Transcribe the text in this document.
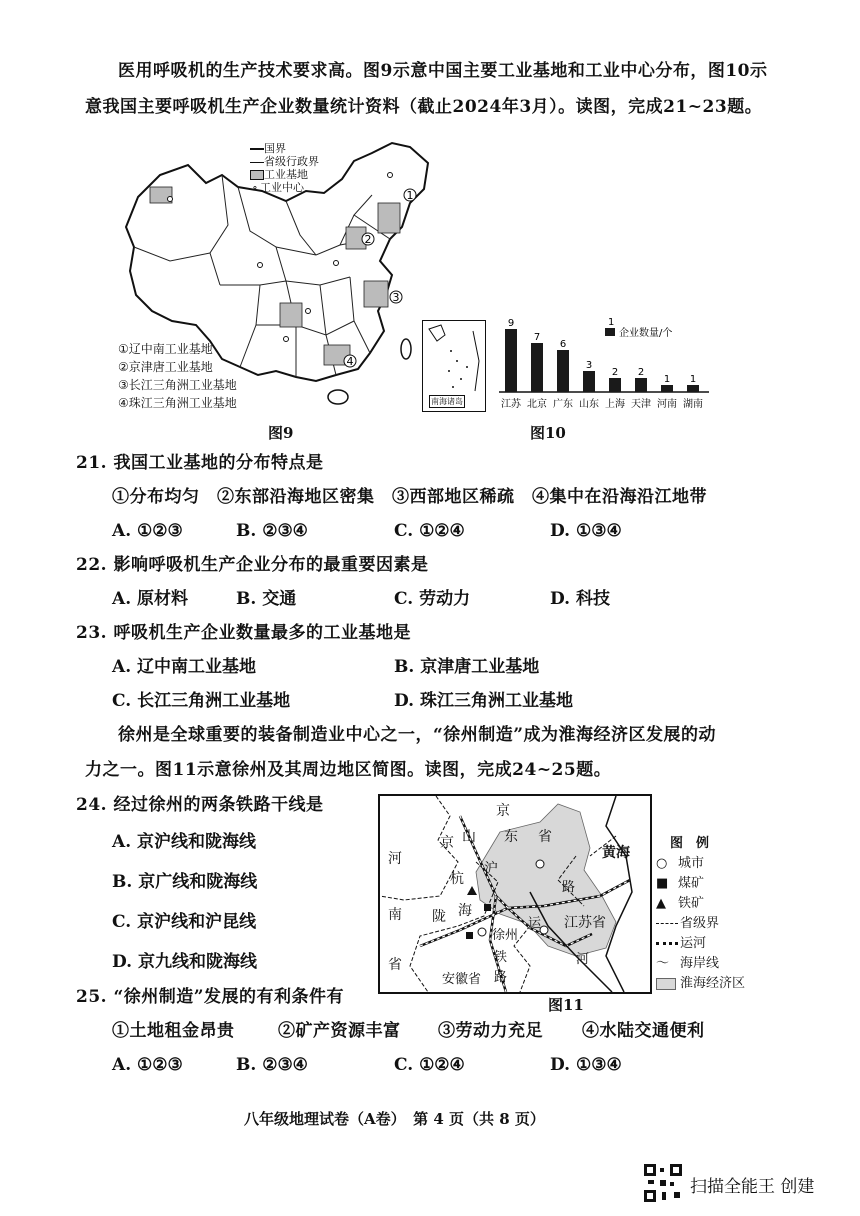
医用呼吸机的生产技术要求高。图9示意中国主要工业基地和工业中心分布，图10示
意我国主要呼吸机生产企业数量统计资料（截止2024年3月）。读图，完成21~23题。
1
2
3
4
国界
省级行政界
工业基地
∘ 工业中心
①辽中南工业基地
②京津唐工业基地
③长江三角洲工业基地
④珠江三角洲工业基地	南海诸岛
图9
9
江苏
7
北京
6
广东
3
山东
2
上海
2
天津
1
河南
1
湖南
1
企业数量/个
图10
21. 我国工业基地的分布特点是
①分布均匀　②东部沿海地区密集　③西部地区稀疏　④集中在沿海沿江地带
A. ①②③	B. ②③④	C. ①②④	D. ①③④
22. 影响呼吸机生产企业分布的最重要因素是
A. 原材料	B. 交通	C. 劳动力	D. 科技
23. 呼吸机生产企业数量最多的工业基地是
A. 辽中南工业基地	B. 京津唐工业基地
C. 长江三角洲工业基地	D. 珠江三角洲工业基地
徐州是全球重要的装备制造业中心之一，“徐州制造”成为淮海经济区发展的动
力之一。图11示意徐州及其周边地区简图。读图，完成24~25题。
24. 经过徐州的两条铁路干线是
A. 京沪线和陇海线
B. 京广线和陇海线
C. 京沪线和沪昆线
D. 京九线和陇海线
京
山 东 省
河
京
杭
沪
南
省
陇 海
徐州
运 江苏省
安徽省
河
铁
路
路
黄海
图　例
○ 城市
■ 煤矿
▲ 铁矿
省级界
运河
〜 海岸线
淮海经济区
图11
25. “徐州制造”发展的有利条件有
①土地租金昂贵	②矿产资源丰富 ③劳动力充足 ④水陆交通便利
A. ①②③	B. ②③④	C. ①②④	D. ①③④
八年级地理试卷（A卷）　第 4 页（共 8 页）
扫描全能王 创建
